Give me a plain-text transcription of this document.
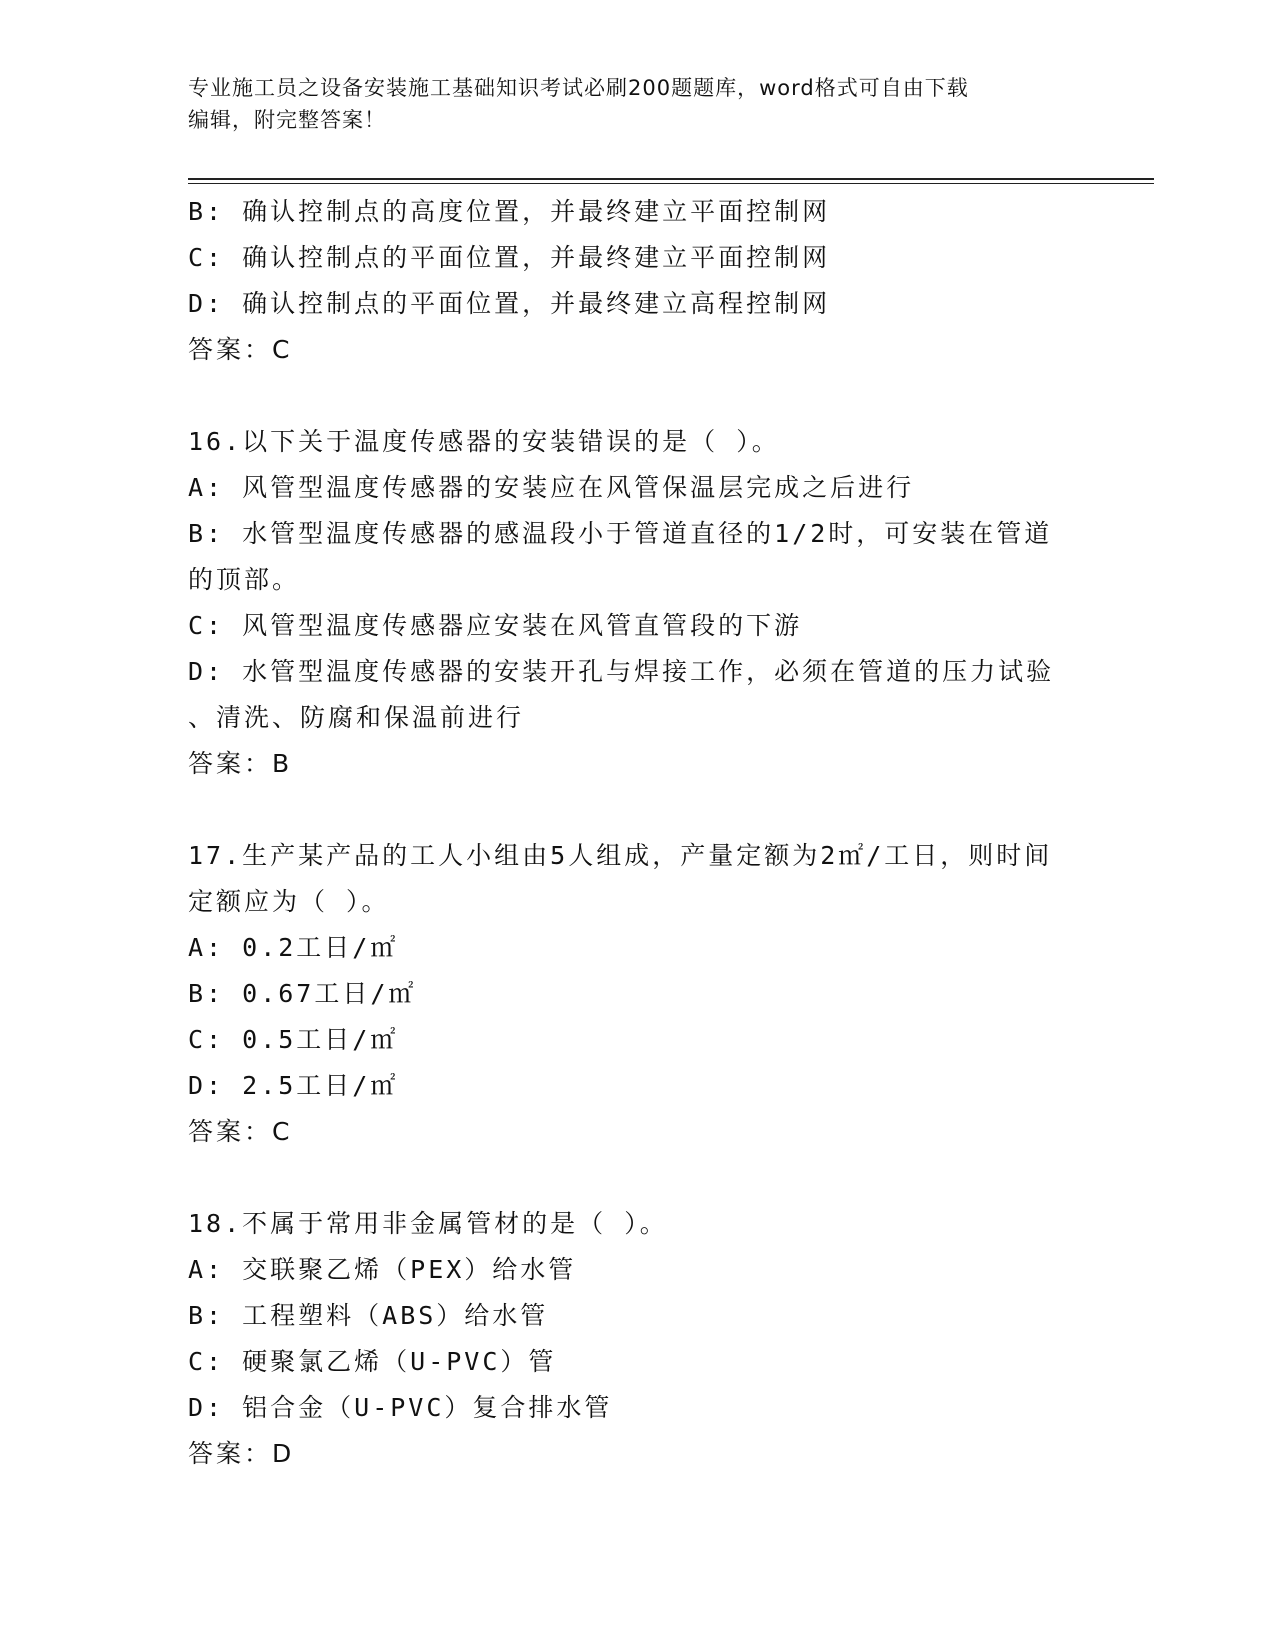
专业施工员之设备安装施工基础知识考试必刷200题题库，word格式可自由下载
编辑，附完整答案！
B: 确认控制点的高度位置，并最终建立平面控制网
C: 确认控制点的平面位置，并最终建立平面控制网
D: 确认控制点的平面位置，并最终建立高程控制网
答案：C
16.以下关于温度传感器的安装错误的是（ ）。
A: 风管型温度传感器的安装应在风管保温层完成之后进行
B: 水管型温度传感器的感温段小于管道直径的1/2时，可安装在管道
的顶部。
C: 风管型温度传感器应安装在风管直管段的下游
D: 水管型温度传感器的安装开孔与焊接工作，必须在管道的压力试验
、清洗、防腐和保温前进行
答案：B
17.生产某产品的工人小组由5人组成，产量定额为2㎡/工日，则时间
定额应为（ ）。
A: 0.2工日/㎡
B: 0.67工日/㎡
C: 0.5工日/㎡
D: 2.5工日/㎡
答案：C
18.不属于常用非金属管材的是（ ）。
A: 交联聚乙烯（PEX）给水管
B: 工程塑料（ABS）给水管
C: 硬聚氯乙烯（U-PVC）管
D: 铝合金（U-PVC）复合排水管
答案：D
